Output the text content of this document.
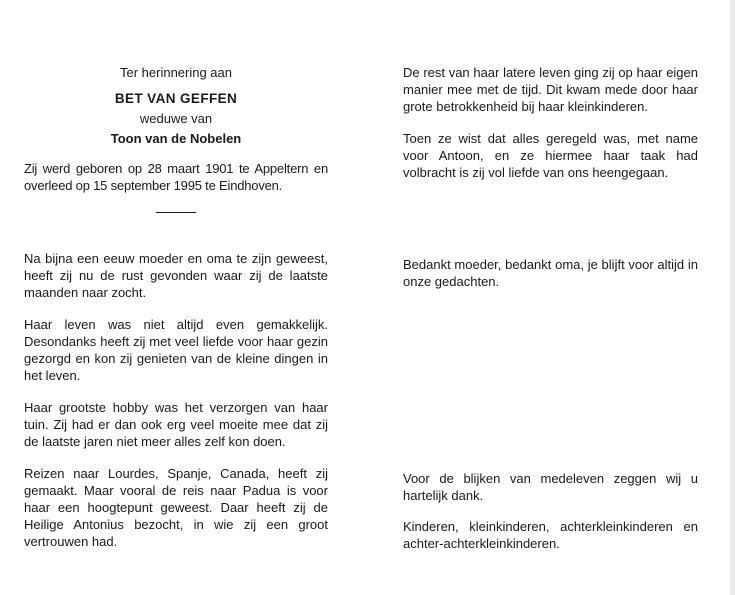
Ter herinnering aan

BET VAN GEFFEN

weduwe van

Toon van de Nobelen

Zij werd geboren op 28 maart 1901 te Appeltern en overleed op 15 september 1995 te Eindhoven.

Na bijna een eeuw moeder en oma te zijn geweest, heeft zij nu de rust gevonden waar zij de laatste maanden naar zocht.

Haar leven was niet altijd even gemakkelijk. Desondanks heeft zij met veel liefde voor haar gezin gezorgd en kon zij genieten van de kleine dingen in het leven.

Haar grootste hobby was het verzorgen van haar tuin. Zij had er dan ook erg veel moeite mee dat zij de laatste jaren niet meer alles zelf kon doen.

Reizen naar Lourdes, Spanje, Canada, heeft zij gemaakt. Maar vooral de reis naar Padua is voor haar een hoogtepunt geweest. Daar heeft zij de Heilige Antonius bezocht, in wie zij een groot vertrouwen had.

De rest van haar latere leven ging zij op haar eigen manier mee met de tijd. Dit kwam mede door haar grote betrokkenheid bij haar kleinkinderen.

Toen ze wist dat alles geregeld was, met name voor Antoon, en ze hiermee haar taak had volbracht is zij vol liefde van ons heengegaan.

Bedankt moeder, bedankt oma, je blijft voor altijd in onze gedachten.

Voor de blijken van medeleven zeggen wij u hartelijk dank.

Kinderen, kleinkinderen, achterkleinkinderen en achter-achterkleinkinderen.
